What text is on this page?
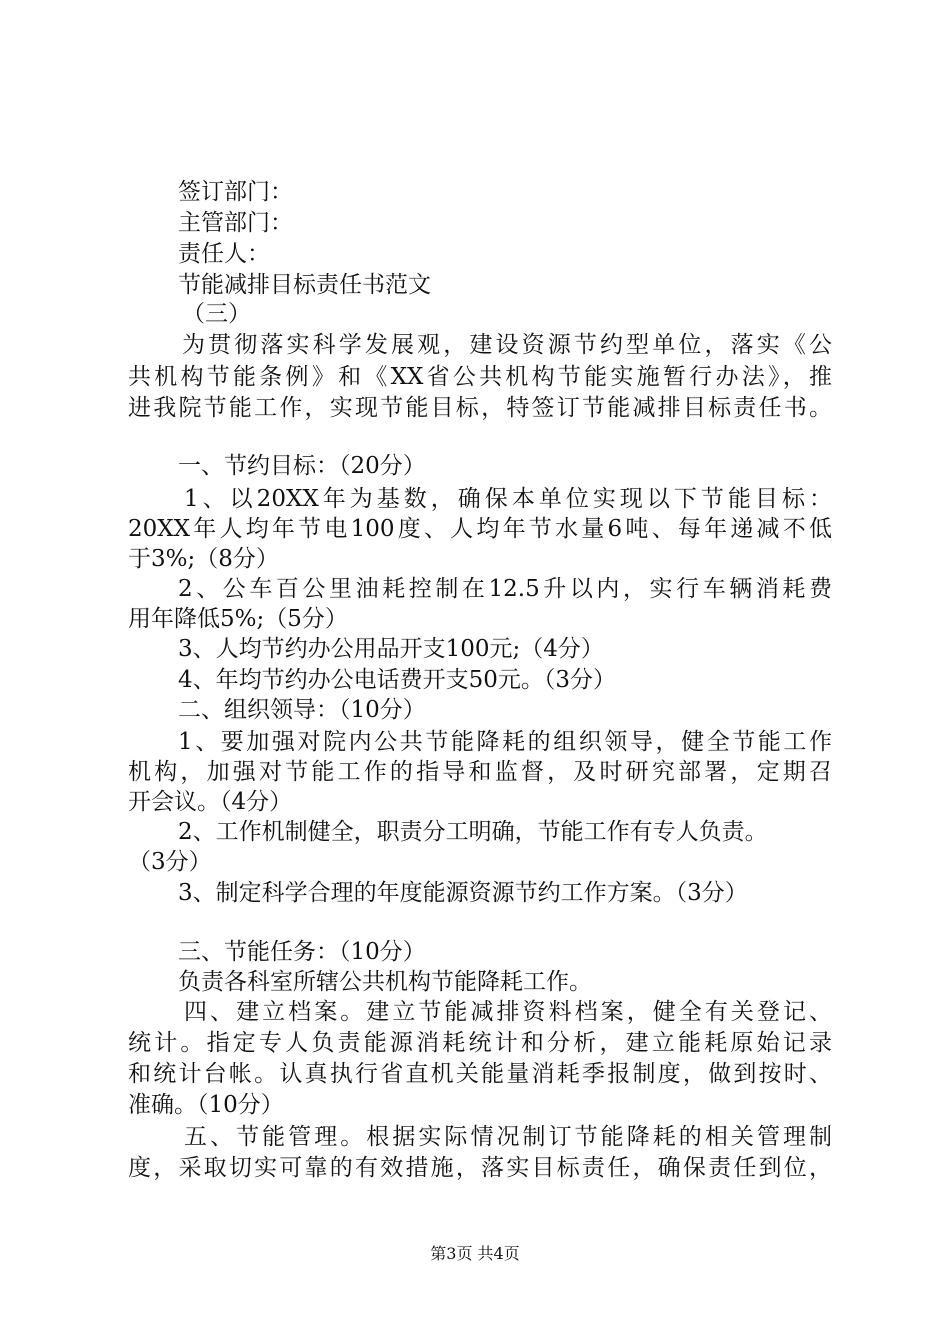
签订部门：
主管部门：
责任人：
节能减排目标责任书范文
（三）
为贯彻落实科学发展观，建设资源节约型单位，落实《公
共机构节能条例》和《XX省公共机构节能实施暂行办法》，推
进我院节能工作，实现节能目标，特签订节能减排目标责任书。
一、节约目标：（20分）
1、以20XX年为基数，确保本单位实现以下节能目标：
20XX年人均年节电100度、人均年节水量6吨、每年递减不低
于3%;（8分）
2、公车百公里油耗控制在12.5升以内，实行车辆消耗费
用年降低5%;（5分）
3、人均节约办公用品开支100元;（4分）
4、年均节约办公电话费开支50元。（3分）
二、组织领导：（10分）
1、要加强对院内公共节能降耗的组织领导，健全节能工作
机构，加强对节能工作的指导和监督，及时研究部署，定期召
开会议。（4分）
2、工作机制健全，职责分工明确，节能工作有专人负责。
（3分）
3、制定科学合理的年度能源资源节约工作方案。（3分）
三、节能任务：（10分）
负责各科室所辖公共机构节能降耗工作。
四、建立档案。建立节能减排资料档案，健全有关登记、
统计。指定专人负责能源消耗统计和分析，建立能耗原始记录
和统计台帐。认真执行省直机关能量消耗季报制度，做到按时、
准确。（10分）
五、节能管理。根据实际情况制订节能降耗的相关管理制
度，采取切实可靠的有效措施，落实目标责任，确保责任到位，
第3页 共4页
